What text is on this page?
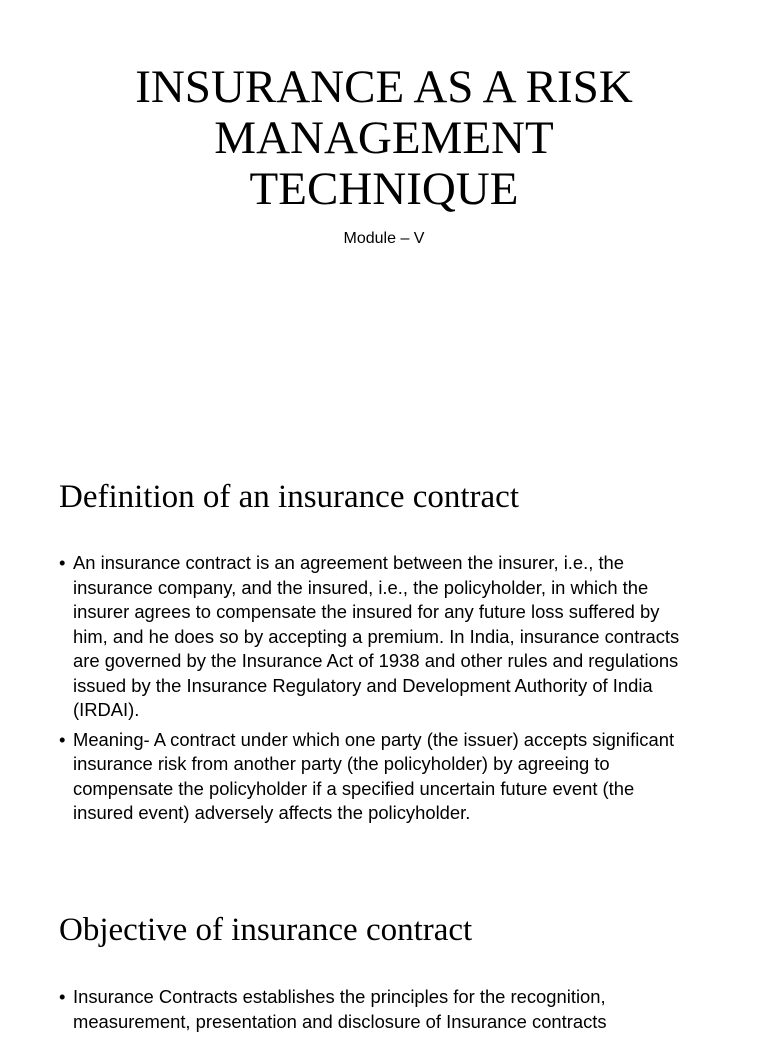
INSURANCE AS A RISK
MANAGEMENT
TECHNIQUE
Module – V
Definition of an insurance contract
• An insurance contract is an agreement between the insurer, i.e., the insurance company, and the insured, i.e., the policyholder, in which the insurer agrees to compensate the insured for any future loss suffered by him, and he does so by accepting a premium. In India, insurance contracts are governed by the Insurance Act of 1938 and other rules and regulations issued by the Insurance Regulatory and Development Authority of India (IRDAI).
• Meaning- A contract under which one party (the issuer) accepts significant insurance risk from another party (the policyholder) by agreeing to compensate the policyholder if a specified uncertain future event (the insured event) adversely affects the policyholder.
Objective of insurance contract
• Insurance Contracts establishes the principles for the recognition, measurement, presentation and disclosure of Insurance contracts
